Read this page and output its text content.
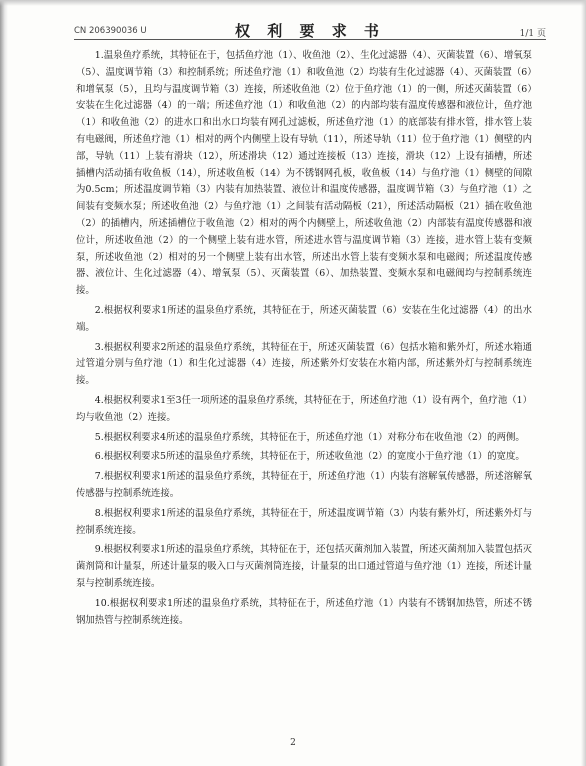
CN 206390036 U	权 利 要 求 书	1/1 页

1.温泉鱼疗系统，其特征在于，包括鱼疗池（1）、收鱼池（2）、生化过滤器（4）、灭菌装置（6）、增氧泵（5）、温度调节箱（3）和控制系统；所述鱼疗池（1）和收鱼池（2）均装有生化过滤器（4）、灭菌装置（6）和增氧泵（5），且均与温度调节箱（3）连接，所述收鱼池（2）位于鱼疗池（1）的一侧，所述灭菌装置（6）安装在生化过滤器（4）的一端；所述鱼疗池（1）和收鱼池（2）的内部均装有温度传感器和液位计，鱼疗池（1）和收鱼池（2）的进水口和出水口均装有网孔过滤板，所述鱼疗池（1）的底部装有排水管，排水管上装有电磁阀，所述鱼疗池（1）相对的两个内侧壁上设有导轨（11），所述导轨（11）位于鱼疗池（1）侧壁的内部，导轨（11）上装有滑块（12），所述滑块（12）通过连接板（13）连接，滑块（12）上设有插槽，所述插槽内活动插有收鱼板（14），所述收鱼板（14）为不锈钢网孔板，收鱼板（14）与鱼疗池（1）侧壁的间隙为0.5cm；所述温度调节箱（3）内装有加热装置、液位计和温度传感器，温度调节箱（3）与鱼疗池（1）之间装有变频水泵；所述收鱼池（2）与鱼疗池（1）之间装有活动隔板（21），所述活动隔板（21）插在收鱼池（2）的插槽内，所述插槽位于收鱼池（2）相对的两个内侧壁上，所述收鱼池（2）内部装有温度传感器和液位计，所述收鱼池（2）的一个侧壁上装有进水管，所述进水管与温度调节箱（3）连接，进水管上装有变频泵，所述收鱼池（2）相对的另一个侧壁上装有出水管，所述出水管上装有变频水泵和电磁阀；所述温度传感器、液位计、生化过滤器（4）、增氧泵（5）、灭菌装置（6）、加热装置、变频水泵和电磁阀均与控制系统连接。

2.根据权利要求1所述的温泉鱼疗系统，其特征在于，所述灭菌装置（6）安装在生化过滤器（4）的出水端。

3.根据权利要求2所述的温泉鱼疗系统，其特征在于，所述灭菌装置（6）包括水箱和紫外灯，所述水箱通过管道分别与鱼疗池（1）和生化过滤器（4）连接，所述紫外灯安装在水箱内部，所述紫外灯与控制系统连接。

4.根据权利要求1至3任一项所述的温泉鱼疗系统，其特征在于，所述鱼疗池（1）设有两个，鱼疗池（1）均与收鱼池（2）连接。

5.根据权利要求4所述的温泉鱼疗系统，其特征在于，所述鱼疗池（1）对称分布在收鱼池（2）的两侧。

6.根据权利要求5所述的温泉鱼疗系统，其特征在于，所述收鱼池（2）的宽度小于鱼疗池（1）的宽度。

7.根据权利要求1所述的温泉鱼疗系统，其特征在于，所述鱼疗池（1）内装有溶解氧传感器，所述溶解氧传感器与控制系统连接。

8.根据权利要求1所述的温泉鱼疗系统，其特征在于，所述温度调节箱（3）内装有紫外灯，所述紫外灯与控制系统连接。

9.根据权利要求1所述的温泉鱼疗系统，其特征在于，还包括灭菌剂加入装置，所述灭菌剂加入装置包括灭菌剂筒和计量泵，所述计量泵的吸入口与灭菌剂筒连接，计量泵的出口通过管道与鱼疗池（1）连接，所述计量泵与控制系统连接。

10.根据权利要求1所述的温泉鱼疗系统，其特征在于，所述鱼疗池（1）内装有不锈钢加热管，所述不锈钢加热管与控制系统连接。

2
